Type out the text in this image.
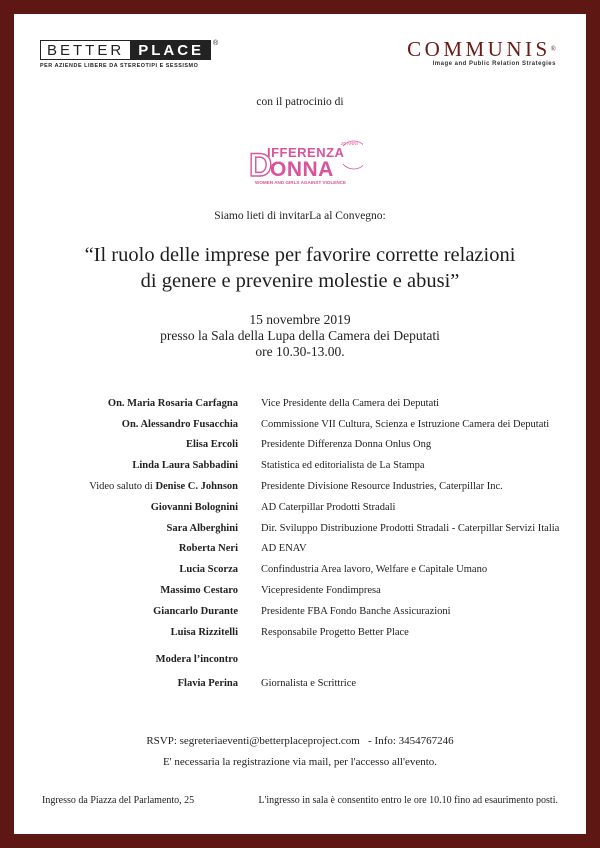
BETTER PLACE	®
PER AZIENDE LIBERE DA STEREOTIPI E SESSISMO
COMMUNIS®
Image and Public Relation Strategies
con il patrocinio di
D
IFFERENZA
ONNA
20 ANNI
WOMEN AND GIRLS AGAINST VIOLENCE
Siamo lieti di invitarLa al Convegno:
“Il ruolo delle imprese per favorire corrette relazioni
di genere e prevenire molestie e abusi”
15 novembre 2019
presso la Sala della Lupa della Camera dei Deputati
ore 10.30-13.00.
On. Maria Rosaria Carfagna	Vice Presidente della Camera dei Deputati
On. Alessandro Fusacchia	Commissione VII Cultura, Scienza e Istruzione Camera dei Deputati
Elisa Ercoli	Presidente Differenza Donna Onlus Ong
Linda Laura Sabbadini	Statistica ed editorialista de La Stampa
Video saluto di Denise C. Johnson	Presidente Divisione Resource Industries, Caterpillar Inc.
Giovanni Bolognini	AD Caterpillar Prodotti Stradali
Sara Alberghini	Dir. Sviluppo Distribuzione Prodotti Stradali - Caterpillar Servizi Italia
Roberta Neri	AD ENAV
Lucia Scorza	Confindustria Area lavoro, Welfare e Capitale Umano
Massimo Cestaro	Vicepresidente Fondimpresa
Giancarlo Durante	Presidente FBA Fondo Banche Assicurazioni
Luisa Rizzitelli	Responsabile Progetto Better Place
Modera l’incontro
Flavia Perina Giornalista e Scrittrice
RSVP: segreteriaeventi@betterplaceproject.com   - Info: 3454767246
E' necessaria la registrazione via mail, per l'accesso all'evento.
Ingresso da Piazza del Parlamento, 25	L'ingresso in sala è consentito entro le ore 10.10 fino ad esaurimento posti.
